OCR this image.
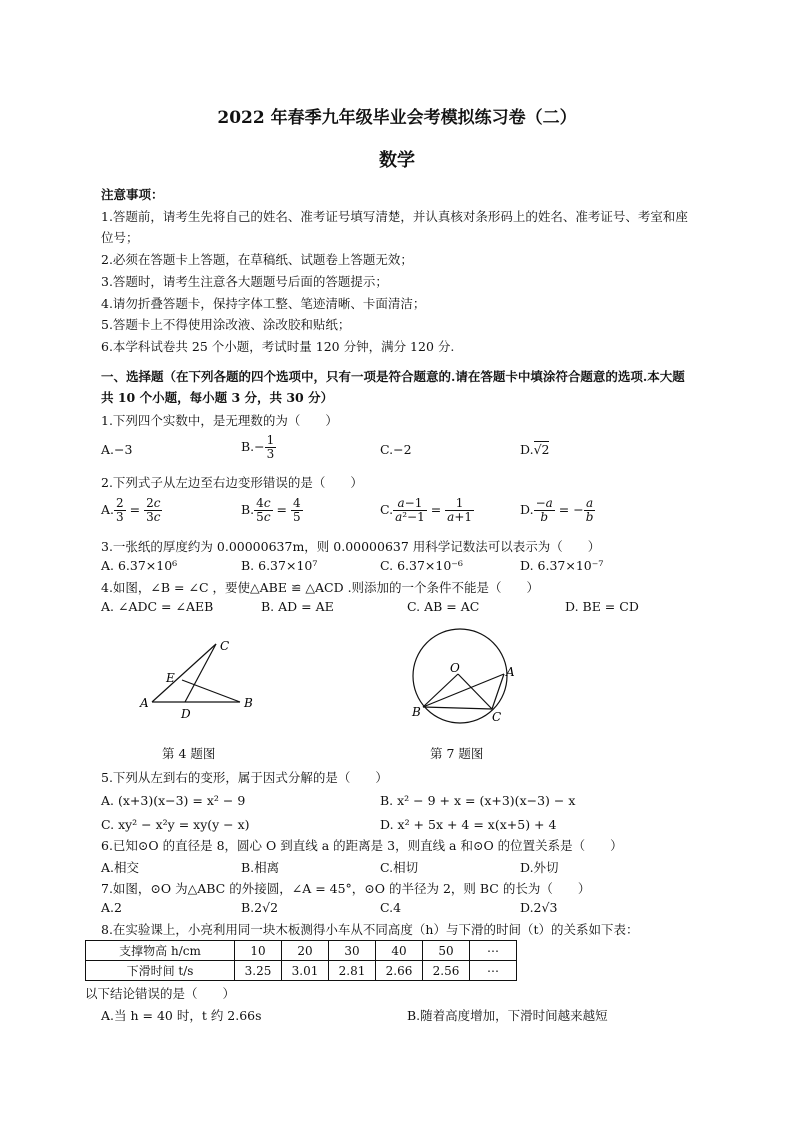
2022 年春季九年级毕业会考模拟练习卷（二）
数学

注意事项：

1.答题前，请考生先将自己的姓名、准考证号填写清楚，并认真核对条形码上的姓名、准考证号、考室和座

位号；

2.必须在答题卡上答题，在草稿纸、试题卷上答题无效；

3.答题时，请考生注意各大题题号后面的答题提示；

4.请勿折叠答题卡，保持字体工整、笔迹清晰、卡面清洁；

5.答题卡上不得使用涂改液、涂改胶和贴纸；

6.本学科试卷共 25 个小题，考试时量 120 分钟，满分 120 分.

一、选择题（在下列各题的四个选项中，只有一项是符合题意的.请在答题卡中填涂符合题意的选项.本大题
共 10 个小题，每小题 3 分，共 30 分）
1.下列四个实数中，是无理数的为（　　）
A.−3	$B.- \frac{1}{3}$	C.−2	D.√2
2.下列式子从左边至右边变形错误的是（　　）
A. $\frac{2}{3} = \frac{2c}{3c}$	B. $\frac{4c}{5c} = \frac{4}{5}$	C. $\frac{a-1}{\text{a²−1}} = \frac{1}{a+1}$	D. $\frac{-a}{b}$ = − $\frac{a}{b}$
3.一张纸的厚度约为 0.00000637m，则 0.00000637 用科学记数法可以表示为（　　）
A. 6.37×10⁶	B. 6.37×10⁷	C. 6.37×10⁻⁶	D. 6.37×10⁻⁷
4.如图，∠B = ∠C ，要使△ABE ≌ △ACD .则添加的一个条件不能是（　　）
A. ∠ADC = ∠AEB	B. AD = AE	C. AB = AC	D. BE = CD
A	B
C
D
E
第 4 题图
O	A
B	C
第 7 题图
5.下列从左到右的变形，属于因式分解的是（　　）
A. (x+3)(x−3) = x² − 9	B. x² − 9 + x = (x+3)(x−3) − x
C. xy² − x²y = xy(y − x)	D. x² + 5x + 4 = x(x+5) + 4
6.已知⊙O 的直径是 8，圆心 O 到直线 a 的距离是 3，则直线 a 和⊙O 的位置关系是（　　）
A.相交	B.相离	C.相切	D.外切
7.如图，⊙O 为△ABC 的外接圆，∠A = 45°，⊙O 的半径为 2，则 BC 的长为（　　）
A.2	B.2√2	C.4	D.2√3
8.在实验课上，小亮利用同一块木板测得小车从不同高度（h）与下滑的时间（t）的关系如下表：
支撑物高 h/cm	10	20	30	40	50	⋯
下滑时间 t/s	3.25	3.01	2.81	2.66	2.56	⋯
以下结论错误的是（　　）
A.当 h = 40 时，t 约 2.66s	B.随着高度增加，下滑时间越来越短
